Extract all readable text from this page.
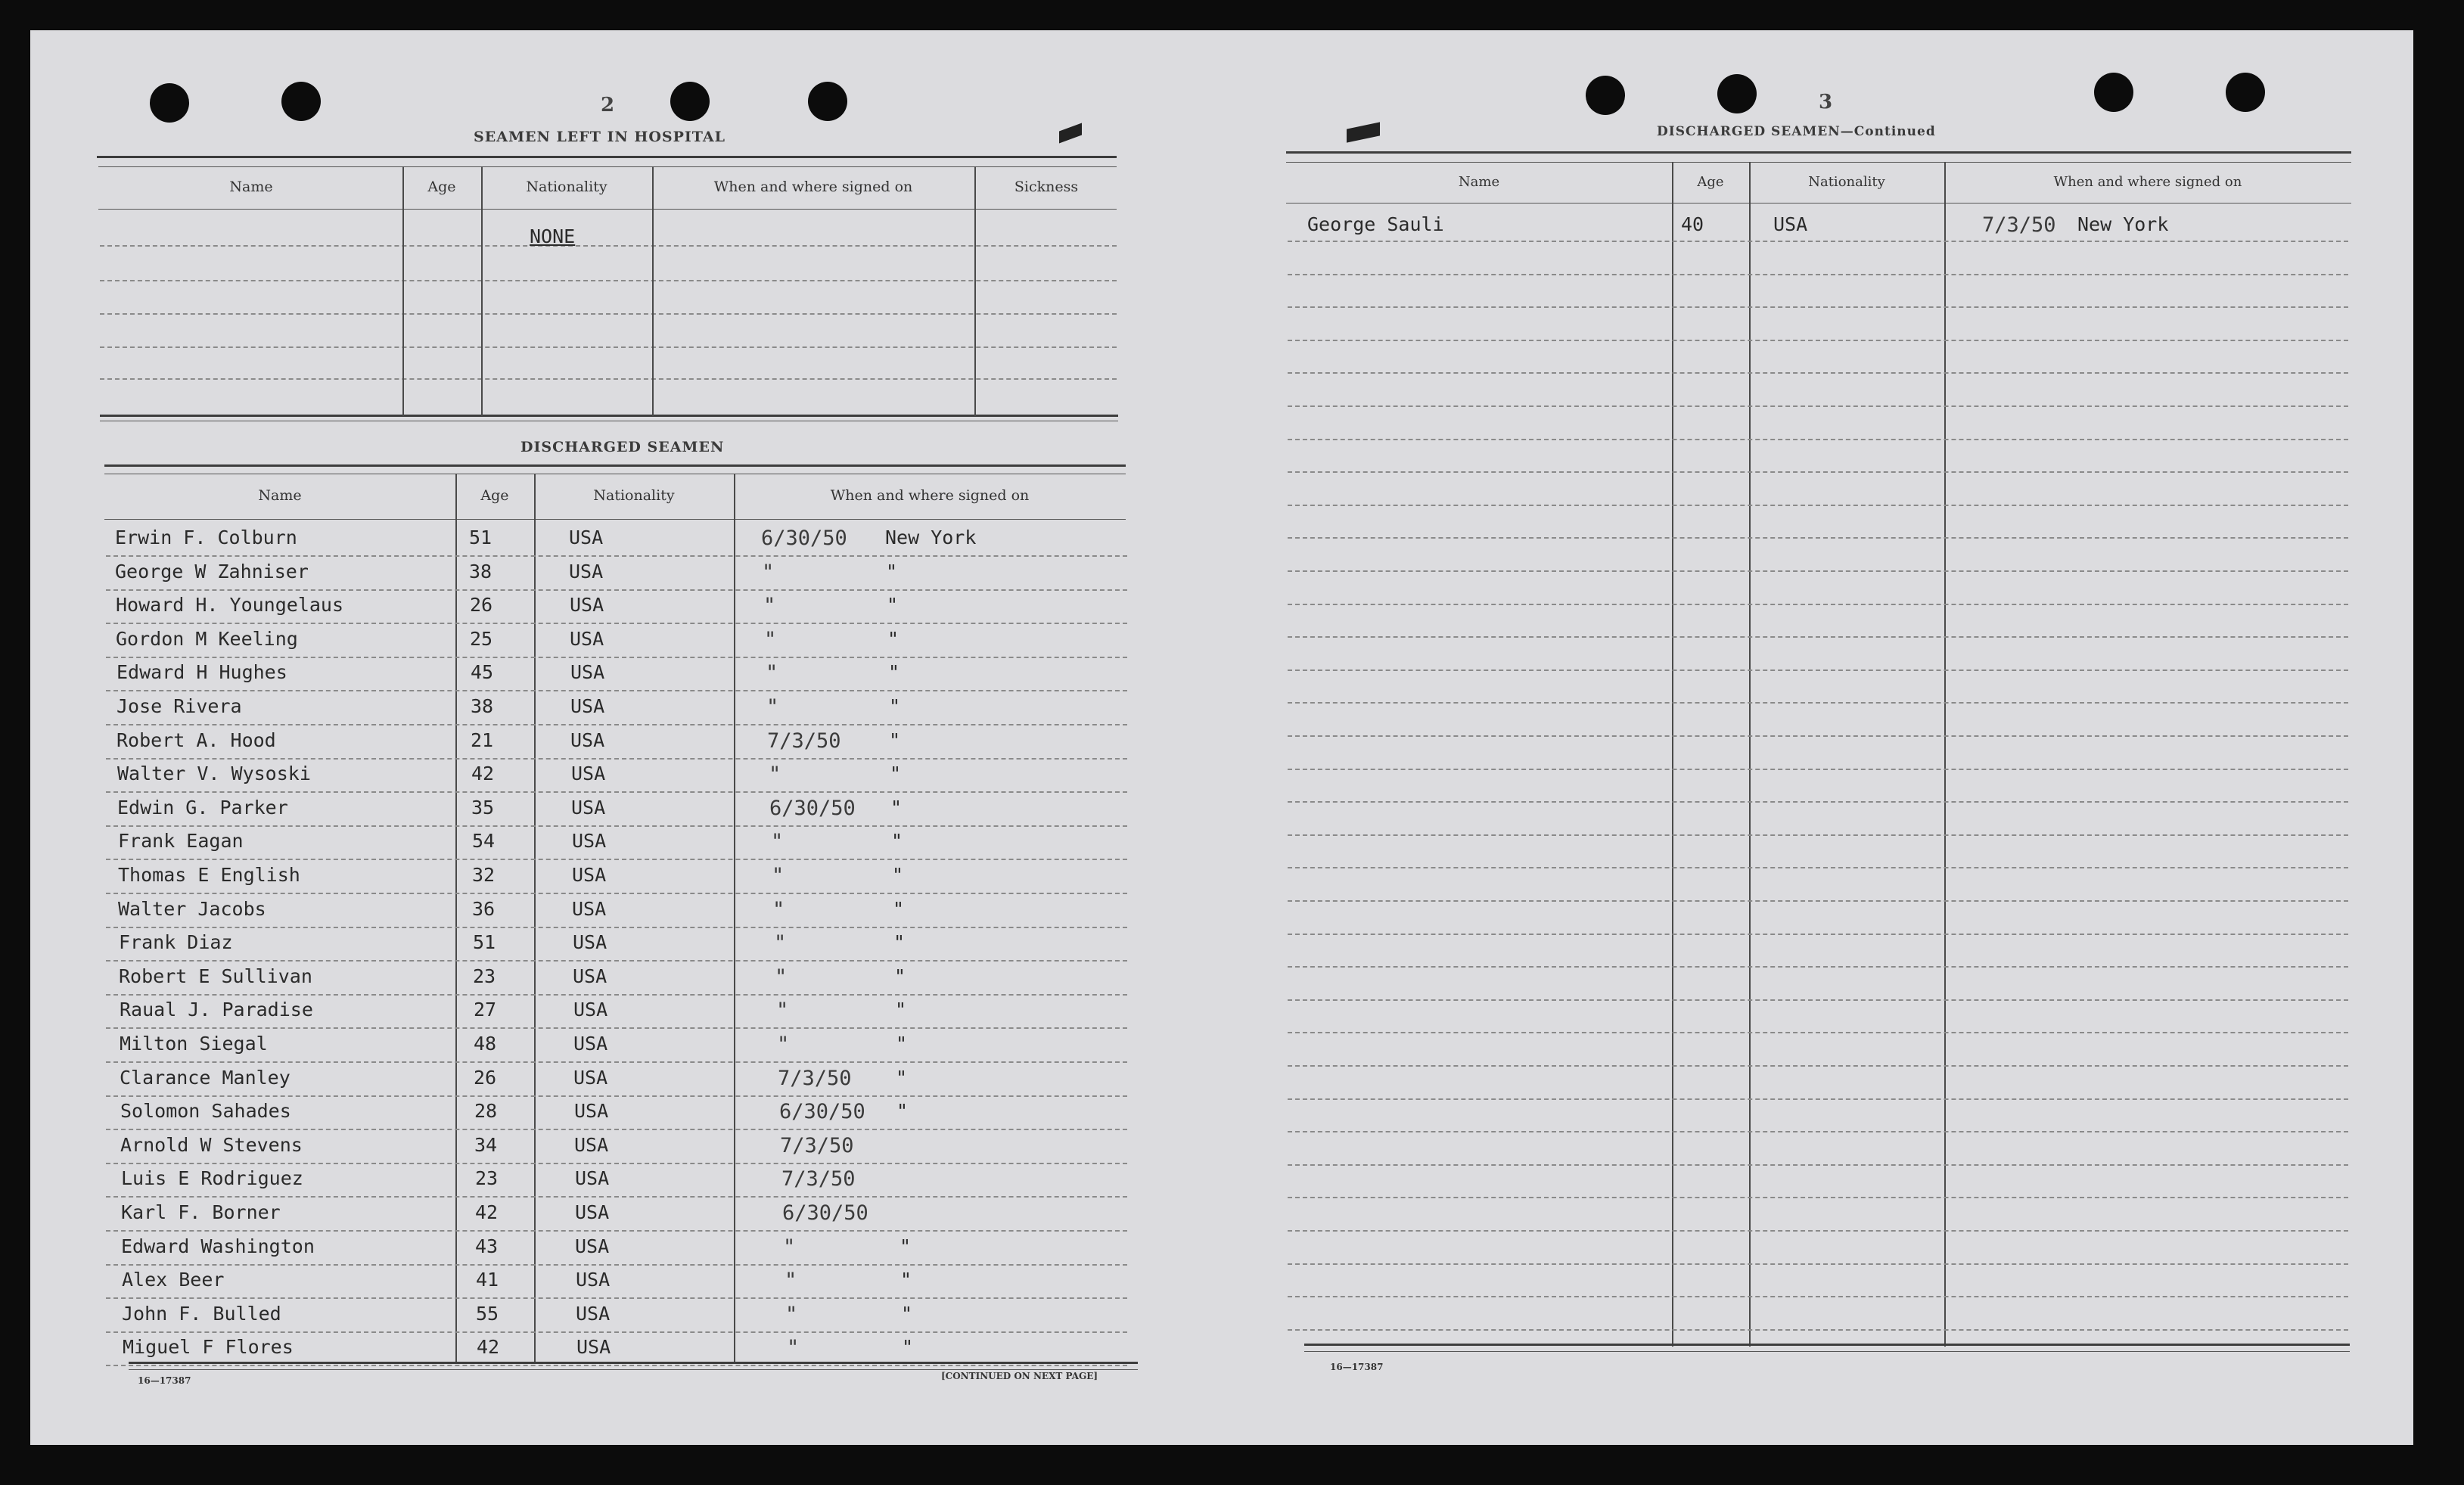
2
SEAMEN LEFT IN HOSPITAL
Name	Age	Nationality	When and where signed on	Sickness
NONE
DISCHARGED SEAMEN
Name	Age	Nationality	When and where signed on
Erwin F. Colburn	51	USA	6/30/50 New York
George W Zahniser	38	USA	"	"
Howard H. Youngelaus	26	USA	"	"
Gordon M Keeling	25	USA	"	"
Edward H Hughes	45	USA	"	"
Jose Rivera	38	USA	"	"
Robert A. Hood	21	USA	7/3/50	"
Walter V. Wysoski	42	USA	"	"
Edwin G. Parker	35	USA	6/30/50 "
Frank Eagan	54	USA	"	"
Thomas E English	32	USA	"	"
Walter Jacobs	36	USA	"	"
Frank Diaz	51	USA	"	"
Robert E Sullivan	23	USA	"	"
Raual J. Paradise	27	USA	"	"
Milton Siegal	48	USA	"	"
Clarance Manley	26	USA	7/3/50 "
Solomon Sahades	28	USA	6/30/50 "
Arnold W Stevens	34	USA	7/3/50
Luis E Rodriguez	23	USA	7/3/50
Karl F. Borner	42	USA	6/30/50
Edward Washington	43	USA	"	"
Alex Beer	41	USA	"	"
John F. Bulled	55	USA	"	"
Miguel F Flores	42	USA	"	"
16—17387	[CONTINUED ON NEXT PAGE]
3
DISCHARGED SEAMEN—Continued
Name	Age	Nationality	When and where signed on
George Sauli	40	USA	7/3/50 New York
16—17387
